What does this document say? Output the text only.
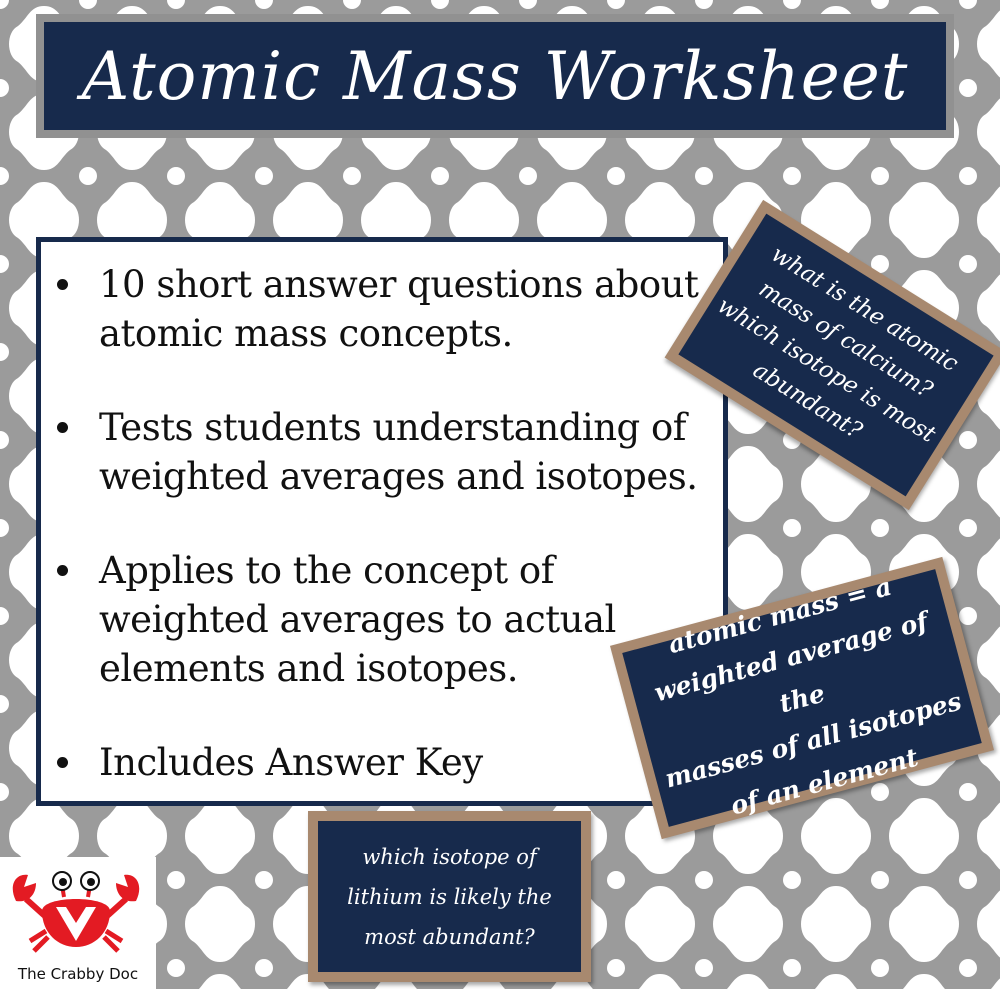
Atomic Mass Worksheet
10 short answer questions about atomic mass concepts.
Tests students understanding of weighted averages and isotopes.
Applies to the concept of weighted averages to actual elements and isotopes.
Includes Answer Key
what is the atomic
mass of calcium?
which isotope is most
abundant?
atomic mass = a
weighted average of the
masses of all isotopes
of an element
which isotope of
lithium is likely the
most abundant?
The Crabby Doc
